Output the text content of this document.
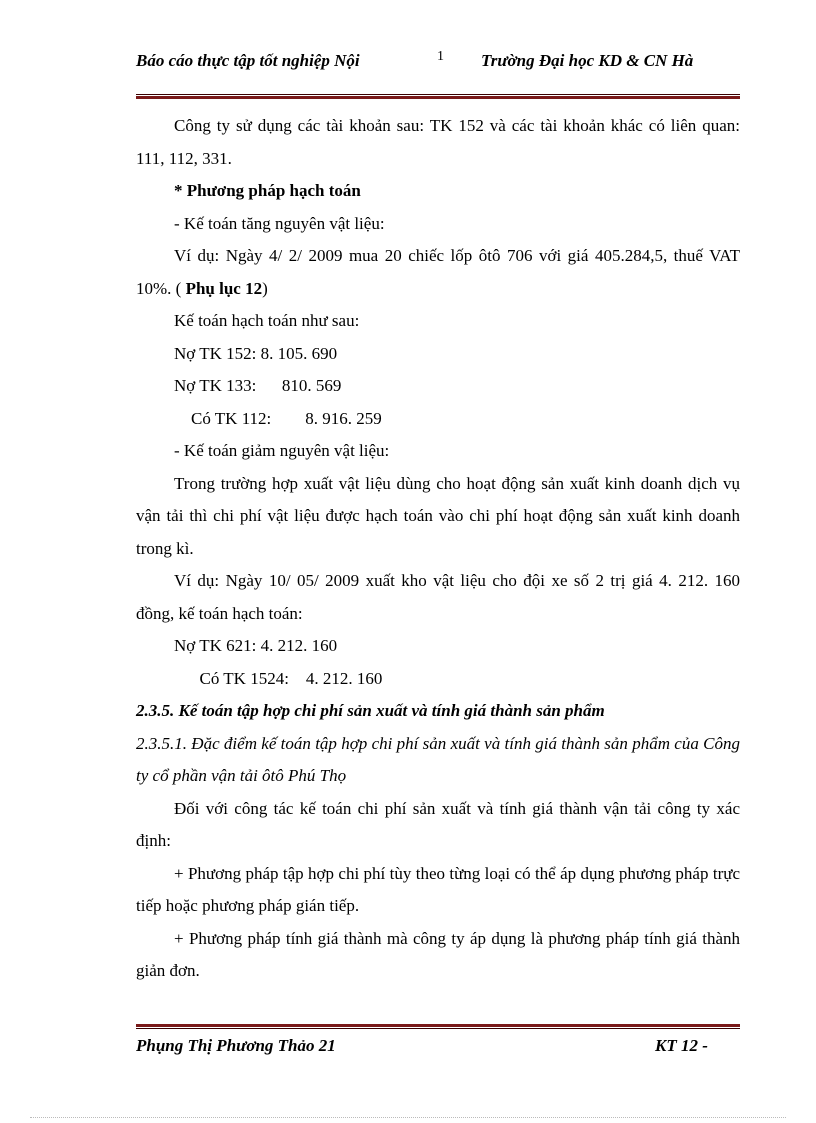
Báo cáo thực tập tốt nghiệp Nội	1 Trường Đại học KD & CN Hà

Công ty sử dụng các tài khoản sau: TK 152 và các tài khoản khác có liên quan: 111, 112, 331.

* Phương pháp hạch toán

- Kế toán tăng nguyên vật liệu:

Ví dụ: Ngày 4/ 2/ 2009 mua 20 chiếc lốp ôtô 706 với giá 405.284,5, thuế VAT 10%. ( Phụ lục 12)

Kế toán hạch toán như sau:

Nợ TK 152: 8. 105. 690

Nợ TK 133:      810. 569

Có TK 112:        8. 916. 259

- Kế toán giảm nguyên vật liệu:

Trong trường hợp xuất vật liệu dùng cho hoạt động sản xuất kinh doanh dịch vụ vận tải thì chi phí vật liệu được hạch toán vào chi phí hoạt động sản xuất kinh doanh trong kì.

Ví dụ: Ngày 10/ 05/ 2009 xuất kho vật liệu cho đội xe số 2 trị giá 4. 212. 160 đồng, kế toán hạch toán:

Nợ TK 621: 4. 212. 160

Có TK 1524:    4. 212. 160

2.3.5. Kế toán tập hợp chi phí sản xuất và tính giá thành sản phẩm

2.3.5.1. Đặc điểm kế toán tập hợp chi phí sản xuất và tính giá thành sản phẩm của Công ty cổ phần vận tải ôtô Phú Thọ

Đối với công tác kế toán chi phí sản xuất và tính giá thành vận tải công ty xác định:

+ Phương pháp tập hợp chi phí tùy theo từng loại có thể áp dụng phương pháp trực tiếp hoặc phương pháp gián tiếp.

+ Phương pháp tính giá thành mà công ty áp dụng là phương pháp tính giá thành giản đơn.

Phụng Thị Phương Thảo 21	KT 12 -
